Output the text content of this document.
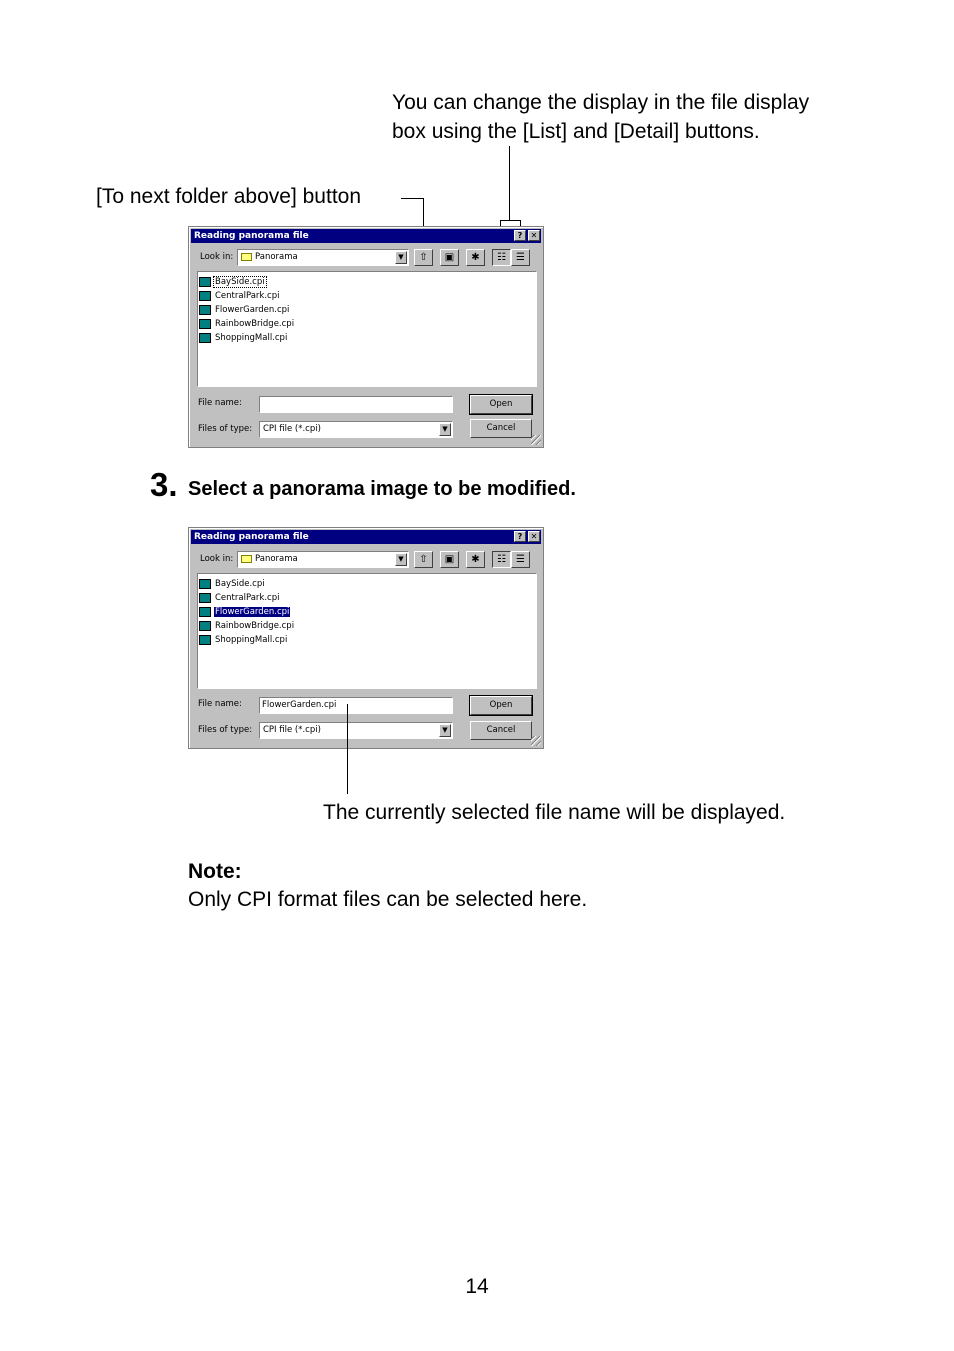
You can change the display in the file display
box using the [List] and [Detail] buttons.
[To next folder above] button
Reading panorama file	?	✕
Look in:	Panorama	▼	⇧	▣	✱	☷	☰
BaySide.cpi
CentralPark.cpi
FlowerGarden.cpi
RainbowBridge.cpi
ShoppingMall.cpi
File name:	Open
Files of type:	CPI file (*.cpi)	▼	Cancel
3. Select a panorama image to be modified.
Reading panorama file	?	✕
Look in:	Panorama	▼	⇧	▣	✱	☷	☰
BaySide.cpi
CentralPark.cpi
FlowerGarden.cpi
RainbowBridge.cpi
ShoppingMall.cpi
File name:	FlowerGarden.cpi	Open
Files of type:	CPI file (*.cpi)	▼	Cancel
The currently selected file name will be displayed.
Note:
Only CPI format files can be selected here.
14
